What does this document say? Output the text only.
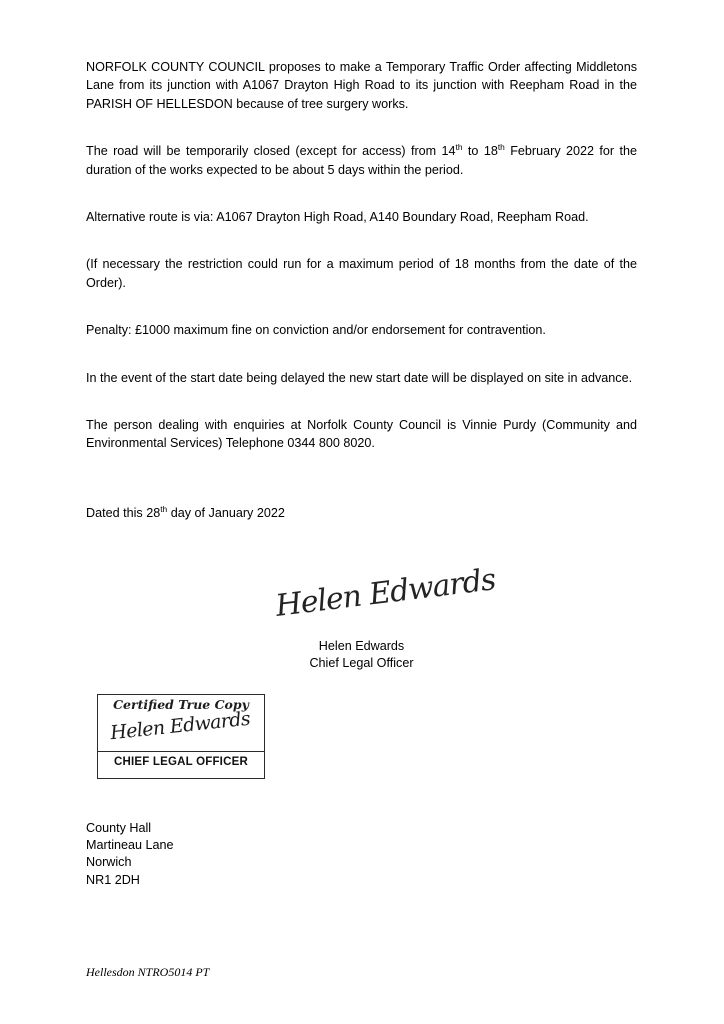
NORFOLK COUNTY COUNCIL proposes to make a Temporary Traffic Order affecting Middletons Lane from its junction with A1067 Drayton High Road to its junction with Reepham Road in the PARISH OF HELLESDON because of tree surgery works.

The road will be temporarily closed (except for access) from 14th to 18th February 2022 for the duration of the works expected to be about 5 days within the period.

Alternative route is via: A1067 Drayton High Road, A140 Boundary Road, Reepham Road.

(If necessary the restriction could run for a maximum period of 18 months from the date of the Order).

Penalty: £1000 maximum fine on conviction and/or endorsement for contravention.

In the event of the start date being delayed the new start date will be displayed on site in advance.

The person dealing with enquiries at Norfolk County Council is Vinnie Purdy (Community and Environmental Services) Telephone 0344 800 8020.

Dated this 28th day of January 2022

Helen Edwards
Helen Edwards
Chief Legal Officer
Certified True Copy
Helen Edwards
CHIEF LEGAL OFFICER
County Hall
Martineau Lane
Norwich
NR1 2DH
Hellesdon NTRO5014 PT
